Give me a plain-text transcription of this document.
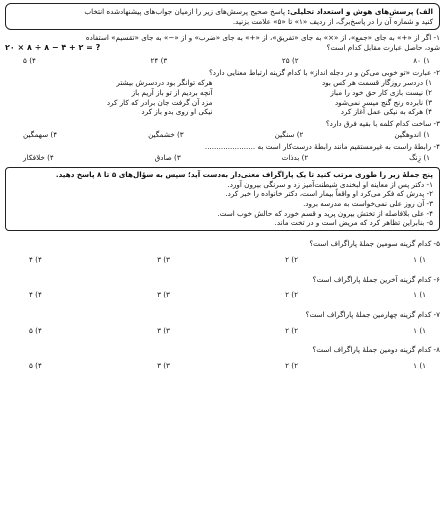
الف) پرسش‌های هوش و استعداد تحلیلی: پاسخ صحیح پرسش‌های زیر را ازمیان جواب‌های پیشنهادشده انتخاب
کنید و شماره آن را در پاسخ‌برگ، از ردیف «۱» تا «۵» علامت بزنید.
۱- اگر از «+» به جای «جمع»، از «×» به جای «تفریق»، از «+» به جای «ضرب» و از «−» به جای «تقسیم» استفاده
شود، حاصل عبارت مقابل کدام است؟
۲۰ × ۸ ÷ ۸ − ۴ + ۲ = ?
۱) ۸۰
۲) ۲۵
۳) ۲۴
۴) ۵
۲- عبارت «تو خوبی می‌کن و در دجله انداز» با کدام گزینه ارتباط معنایی دارد؟
۱) دردسر روزگار قسمت هر کس بود
هرکه توانگر بود دردسرش بیشتر
۲) نیست بازی کار حق خود را مباز
آنچه بردیم از تو باز آریم باز
۳) نابرده رنج گنج میسر نمی‌شود
مزد آن گرفت جان برادر که کار کرد
۴) هرکه به نیکی عمل آغاز کرد
نیکی او روی بدو باز کرد
۳- ساخت کدام کلمه با بقیه فرق دارد؟
۱) اندوهگین
۲) سنگین
۳) خشمگین
۴) سهمگین
۴- رابطهٔ راست به غیرمستقیم مانند رابطهٔ درست‌کار است به ......................
۱) زِنگ
۲) بدذات
۳) صادق
۴) خلافکار
پنج جملهٔ زیر را طوری مرتب کنید تا یک پاراگراف معنی‌دار به‌دست آید؛ سپس به سؤال‌های ۵ تا ۸ پاسخ دهید.
۱- دکتر پس از معاینه او لبخندی شیطنت‌آمیز زد و سرنگی بیرون آورد.
۲- پدرش که فکر می‌کرد او واقعاً بیمار است، دکتر خانواده را خبر کرد.
۳- آن روز علی نمی‌خواست به مدرسه برود.
۴- علی بلافاصله از تختش بیرون پرید و قسم خورد که حالش خوب است.
۵- بنابراین تظاهر کرد که مریض است و در تخت ماند.
۵- کدام گزینه سومین جملهٔ پاراگراف است؟
۱) ۱
۲) ۲
۳) ۳
۴) ۴
۶- کدام گزینه آخرین جملهٔ پاراگراف است؟
۱) ۱
۲) ۲
۳) ۳
۴) ۴
۷- کدام گزینه چهارمین جملهٔ پاراگراف است؟
۱) ۱
۲) ۲
۳) ۳
۴) ۵
۸- کدام گزینه دومین جملهٔ پاراگراف است؟
۱) ۱
۲) ۲
۳) ۳
۴) ۵
